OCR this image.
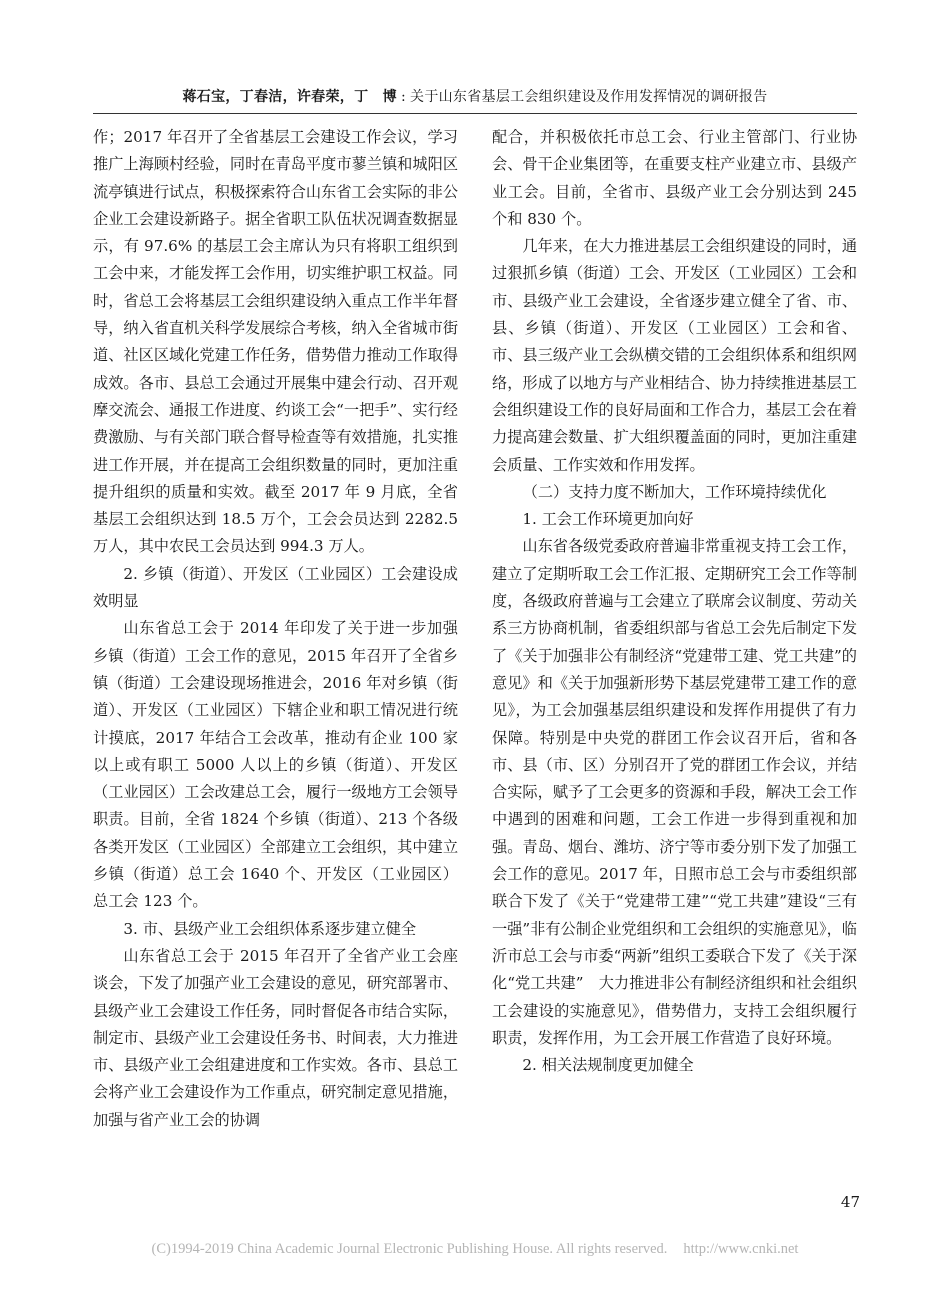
蒋石宝，丁春洁，许春荣，丁　博 : 关于山东省基层工会组织建设及作用发挥情况的调研报告

作；2017 年召开了全省基层工会建设工作会议，学习推广上海顾村经验，同时在青岛平度市蓼兰镇和城阳区流亭镇进行试点，积极探索符合山东省工会实际的非公企业工会建设新路子。据全省职工队伍状况调查数据显示，有 97.6% 的基层工会主席认为只有将职工组织到工会中来，才能发挥工会作用，切实维护职工权益。同时，省总工会将基层工会组织建设纳入重点工作半年督导，纳入省直机关科学发展综合考核，纳入全省城市街道、社区区域化党建工作任务，借势借力推动工作取得成效。各市、县总工会通过开展集中建会行动、召开观摩交流会、通报工作进度、约谈工会“一把手”、实行经费激励、与有关部门联合督导检查等有效措施，扎实推进工作开展，并在提高工会组织数量的同时，更加注重提升组织的质量和实效。截至 2017 年 9 月底，全省基层工会组织达到 18.5 万个，工会会员达到 2282.5 万人，其中农民工会员达到 994.3 万人。

2. 乡镇（街道）、开发区（工业园区）工会建设成效明显

山东省总工会于 2014 年印发了关于进一步加强乡镇（街道）工会工作的意见，2015 年召开了全省乡镇（街道）工会建设现场推进会，2016 年对乡镇（街道）、开发区（工业园区）下辖企业和职工情况进行统计摸底，2017 年结合工会改革，推动有企业 100 家以上或有职工 5000 人以上的乡镇（街道）、开发区（工业园区）工会改建总工会，履行一级地方工会领导职责。目前，全省 1824 个乡镇（街道）、213 个各级各类开发区（工业园区）全部建立工会组织，其中建立乡镇（街道）总工会 1640 个、开发区（工业园区）总工会 123 个。

3. 市、县级产业工会组织体系逐步建立健全

山东省总工会于 2015 年召开了全省产业工会座谈会，下发了加强产业工会建设的意见，研究部署市、县级产业工会建设工作任务，同时督促各市结合实际，制定市、县级产业工会建设任务书、时间表，大力推进市、县级产业工会组建进度和工作实效。各市、县总工会将产业工会建设作为工作重点，研究制定意见措施，加强与省产业工会的协调

配合，并积极依托市总工会、行业主管部门、行业协会、骨干企业集团等，在重要支柱产业建立市、县级产业工会。目前，全省市、县级产业工会分别达到 245 个和 830 个。

几年来，在大力推进基层工会组织建设的同时，通过狠抓乡镇（街道）工会、开发区（工业园区）工会和市、县级产业工会建设，全省逐步建立健全了省、市、县、乡镇（街道）、开发区（工业园区）工会和省、市、县三级产业工会纵横交错的工会组织体系和组织网络，形成了以地方与产业相结合、协力持续推进基层工会组织建设工作的良好局面和工作合力，基层工会在着力提高建会数量、扩大组织覆盖面的同时，更加注重建会质量、工作实效和作用发挥。

（二）支持力度不断加大，工作环境持续优化

1. 工会工作环境更加向好

山东省各级党委政府普遍非常重视支持工会工作，建立了定期听取工会工作汇报、定期研究工会工作等制度，各级政府普遍与工会建立了联席会议制度、劳动关系三方协商机制，省委组织部与省总工会先后制定下发了《关于加强非公有制经济“党建带工建、党工共建”的意见》和《关于加强新形势下基层党建带工建工作的意见》，为工会加强基层组织建设和发挥作用提供了有力保障。特别是中央党的群团工作会议召开后，省和各市、县（市、区）分别召开了党的群团工作会议，并结合实际，赋予了工会更多的资源和手段，解决工会工作中遇到的困难和问题，工会工作进一步得到重视和加强。青岛、烟台、潍坊、济宁等市委分别下发了加强工会工作的意见。2017 年，日照市总工会与市委组织部联合下发了《关于“党建带工建”“党工共建”建设“三有一强”非有公制企业党组织和工会组织的实施意见》，临沂市总工会与市委“两新”组织工委联合下发了《关于深化“党工共建”　大力推进非公有制经济组织和社会组织工会建设的实施意见》，借势借力，支持工会组织履行职责，发挥作用，为工会开展工作营造了良好环境。

2. 相关法规制度更加健全

47
(C)1994-2019 China Academic Journal Electronic Publishing House. All rights reserved. http://www.cnki.net
